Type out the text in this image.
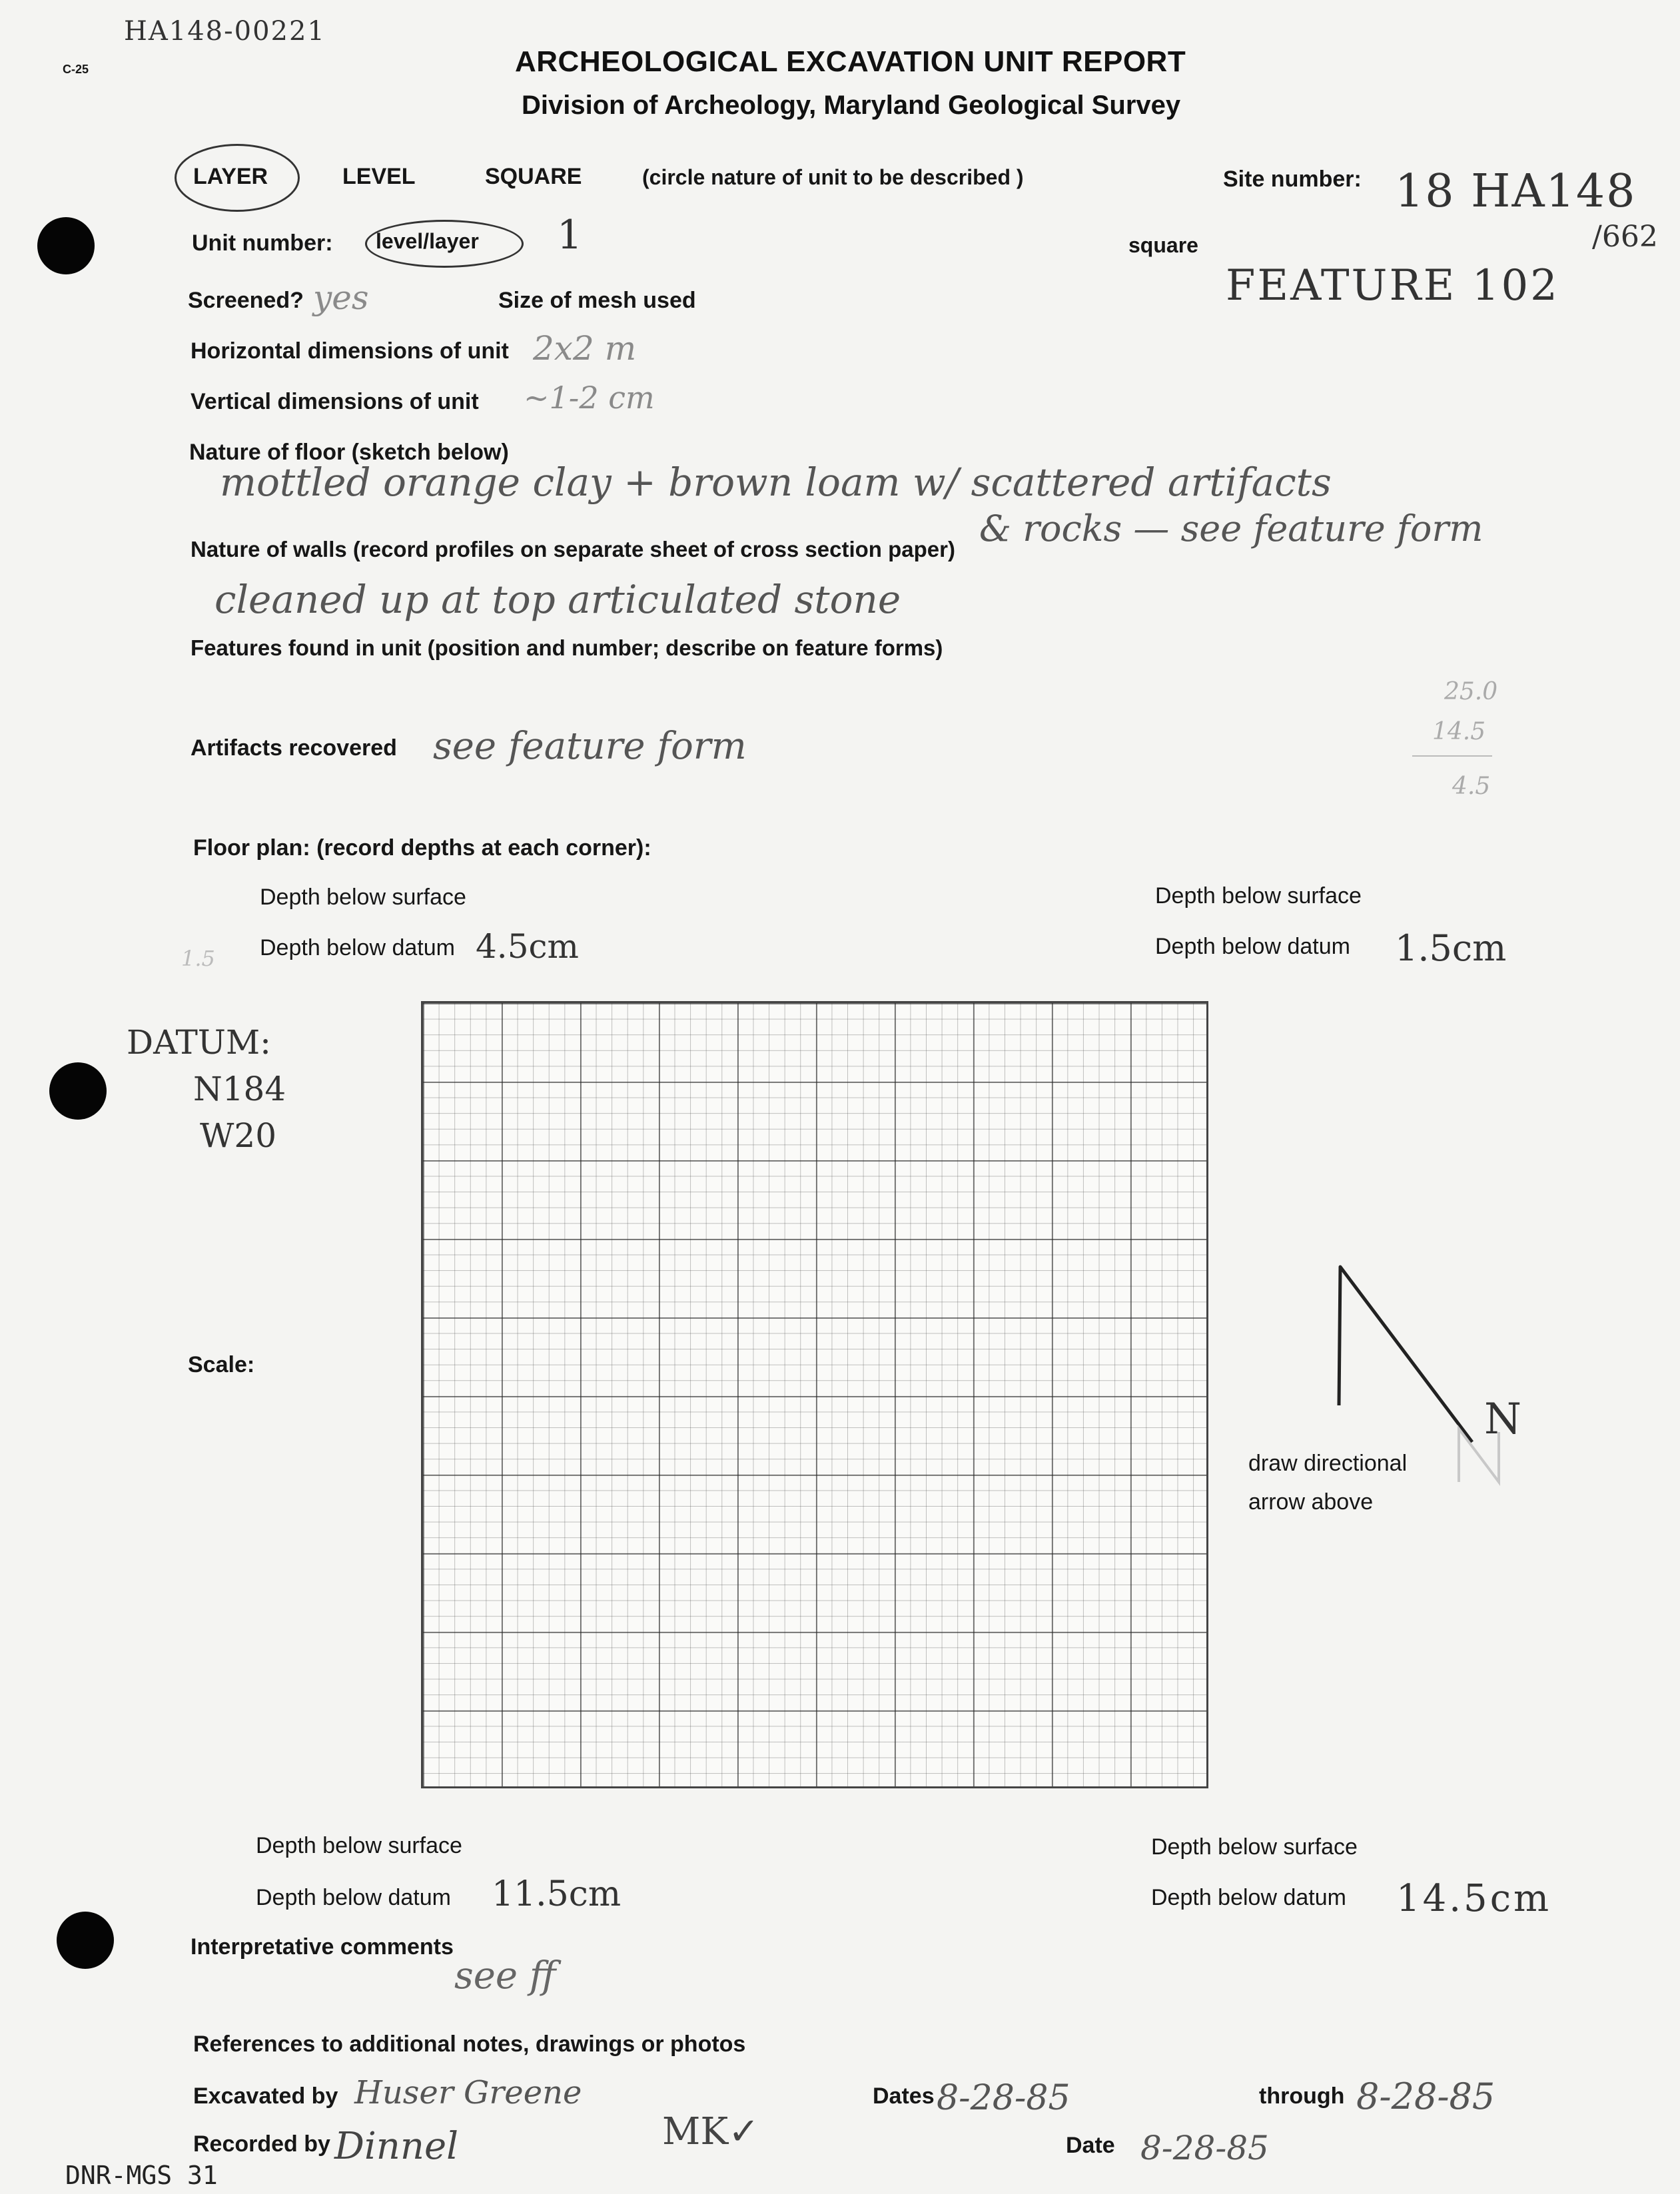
HA148-00221
C-25	ARCHEOLOGICAL EXCAVATION UNIT REPORT
Division of Archeology, Maryland Geological Survey
LAYER	LEVEL	SQUARE	(circle nature of unit to be described )	Site number: 18 HA148
/662
Unit number: level/layer 1	square
FEATURE 102
Screened? yes	Size of mesh used
Horizontal dimensions of unit 2x2 m
Vertical dimensions of unit ~1-2 cm
Nature of floor (sketch below)
mottled orange clay + brown loam w/ scattered artifacts
& rocks — see feature form
Nature of walls (record profiles on separate sheet of cross section paper)
cleaned up at top articulated stone
Features found in unit (position and number; describe on feature forms)
25.0
14.5
4.5
Artifacts recovered see feature form
Floor plan: (record depths at each corner):
Depth below surface
Depth below datum 4.5cm
1.5
Depth below surface
Depth below datum 1.5cm
DATUM:
N184
W20
Scale:
N
draw directional
arrow above
Depth below surface
Depth below datum 11.5cm
Depth below surface
Depth below datum 14.5cm
Interpretative comments
see ff
References to additional notes, drawings or photos
Excavated by Huser Greene	Dates 8-28-85	through 8-28-85
Recorded by Dinnel	MK✓	Date 8-28-85
DNR-MGS 31
